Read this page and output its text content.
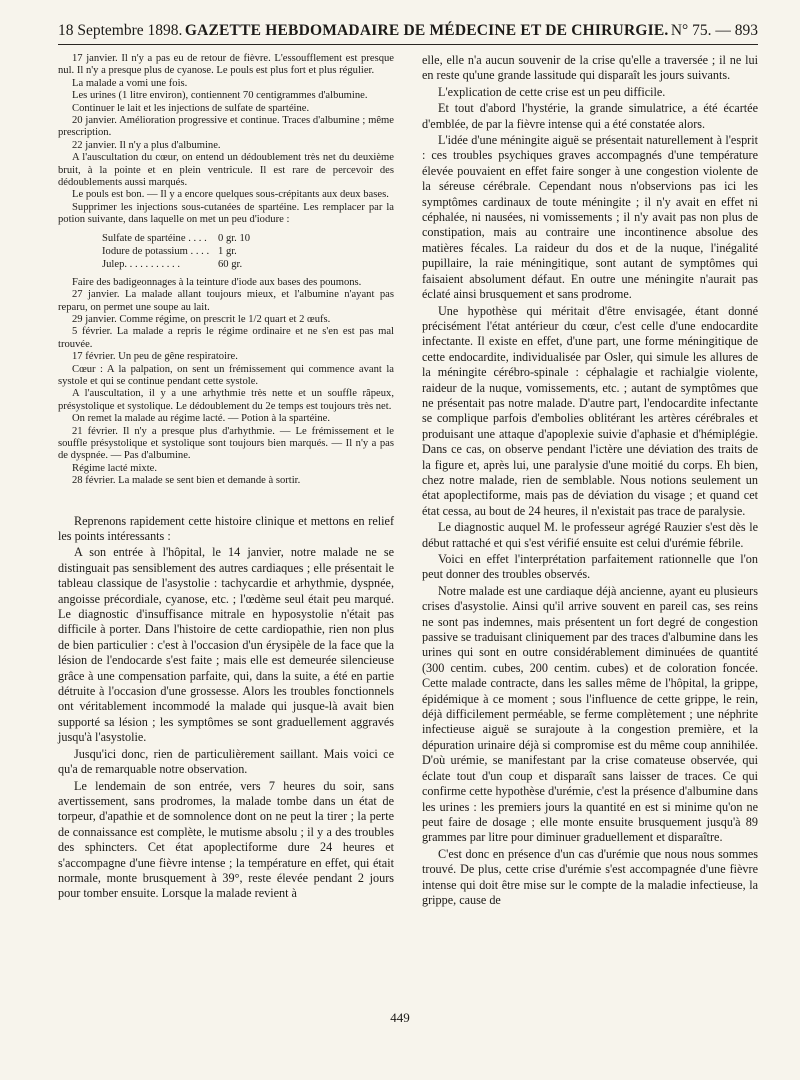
18 Septembre 1898. GAZETTE HEBDOMADAIRE DE MÉDECINE ET DE CHIRURGIE. N° 75. — 893

17 janvier. Il n'y a pas eu de retour de fièvre. L'essoufflement est presque nul. Il n'y a presque plus de cyanose. Le pouls est plus fort et plus régulier.

La malade a vomi une fois.

Les urines (1 litre environ), contiennent 70 centigrammes d'albumine.

Continuer le lait et les injections de sulfate de spartéine.

20 janvier. Amélioration progressive et continue. Traces d'albumine ; même prescription.

22 janvier. Il n'y a plus d'albumine.

A l'auscultation du cœur, on entend un dédoublement très net du deuxième bruit, à la pointe et en plein ventricule. Il est rare de percevoir des dédoublements aussi marqués.

Le pouls est bon. — Il y a encore quelques sous-crépitants aux deux bases.

Supprimer les injections sous-cutanées de spartéine. Les remplacer par la potion suivante, dans laquelle on met un peu d'iodure :

Sulfate de spartéine . . . .	0 gr. 10
Iodure de potassium . . . . 1 gr.
Julep. . . . . . . . . . .	60 gr.

Faire des badigeonnages à la teinture d'iode aux bases des poumons.

27 janvier. La malade allant toujours mieux, et l'albumine n'ayant pas reparu, on permet une soupe au lait.

29 janvier. Comme régime, on prescrit le 1/2 quart et 2 œufs.

5 février. La malade a repris le régime ordinaire et ne s'en est pas mal trouvée.

17 février. Un peu de gêne respiratoire.

Cœur : A la palpation, on sent un frémissement qui commence avant la systole et qui se continue pendant cette systole.

A l'auscultation, il y a une arhythmie très nette et un souffle râpeux, présystolique et systolique. Le dédoublement du 2e temps est toujours très net.

On remet la malade au régime lacté. — Potion à la spartéine.

21 février. Il n'y a presque plus d'arhythmie. — Le frémissement et le souffle présystolique et systolique sont toujours bien marqués. — Il n'y a pas de dyspnée. — Pas d'albumine.

Régime lacté mixte.

28 février. La malade se sent bien et demande à sortir.

Reprenons rapidement cette histoire clinique et mettons en relief les points intéressants :

A son entrée à l'hôpital, le 14 janvier, notre malade ne se distinguait pas sensiblement des autres cardiaques ; elle présentait le tableau classique de l'asystolie : tachycardie et arhythmie, dyspnée, angoisse précordiale, cyanose, etc. ; l'œdème seul était peu marqué. Le diagnostic d'insuffisance mitrale en hyposystolie n'était pas difficile à porter. Dans l'histoire de cette cardiopathie, rien non plus de bien particulier : c'est à l'occasion d'un érysipèle de la face que la lésion de l'endocarde s'est faite ; mais elle est demeurée silencieuse grâce à une compensation parfaite, qui, dans la suite, a été en partie détruite à l'occasion d'une grossesse. Alors les troubles fonctionnels ont véritablement incommodé la malade qui jusque-là avait bien supporté sa lésion ; les symptômes se sont graduellement aggravés jusqu'à l'asystolie.

Jusqu'ici donc, rien de particulièrement saillant. Mais voici ce qu'a de remarquable notre observation.

Le lendemain de son entrée, vers 7 heures du soir, sans avertissement, sans prodromes, la malade tombe dans un état de torpeur, d'apathie et de somnolence dont on ne peut la tirer ; la perte de connaissance est complète, le mutisme absolu ; il y a des troubles des sphincters. Cet état apoplectiforme dure 24 heures et s'accompagne d'une fièvre intense ; la température en effet, qui était normale, monte brusquement à 39°, reste élevée pendant 2 jours pour tomber ensuite. Lorsque la malade revient à

elle, elle n'a aucun souvenir de la crise qu'elle a traversée ; il ne lui en reste qu'une grande lassitude qui disparaît les jours suivants.

L'explication de cette crise est un peu difficile.

Et tout d'abord l'hystérie, la grande simulatrice, a été écartée d'emblée, de par la fièvre intense qui a été constatée alors.

L'idée d'une méningite aiguë se présentait naturellement à l'esprit : ces troubles psychiques graves accompagnés d'une température élevée pouvaient en effet faire songer à une congestion violente de la séreuse cérébrale. Cependant nous n'observions pas ici les symptômes cardinaux de toute méningite ; il n'y avait en effet ni céphalée, ni nausées, ni vomissements ; il n'y avait pas non plus de constipation, mais au contraire une incontinence absolue des matières fécales. La raideur du dos et de la nuque, l'inégalité pupillaire, la raie méningitique, sont autant de symptômes qui faisaient absolument défaut. En outre une méningite n'aurait pas éclaté ainsi brusquement et sans prodrome.

Une hypothèse qui méritait d'être envisagée, étant donné précisément l'état antérieur du cœur, c'est celle d'une endocardite infectante. Il existe en effet, d'une part, une forme méningitique de cette endocardite, individualisée par Osler, qui simule les allures de la méningite cérébro-spinale : céphalagie et rachialgie violente, raideur de la nuque, vomissements, etc. ; autant de symptômes que ne présentait pas notre malade. D'autre part, l'endocardite infectante se complique parfois d'embolies oblitérant les artères cérébrales et produisant une attaque d'apoplexie suivie d'aphasie et d'hémiplégie. Dans ce cas, on observe pendant l'ictère une déviation des traits de la figure et, après lui, une paralysie d'une moitié du corps. Eh bien, chez notre malade, rien de semblable. Nous notions seulement un état apoplectiforme, mais pas de déviation du visage ; et quand cet état cessa, au bout de 24 heures, il n'existait pas trace de paralysie.

Le diagnostic auquel M. le professeur agrégé Rauzier s'est dès le début rattaché et qui s'est vérifié ensuite est celui d'urémie fébrile.

Voici en effet l'interprétation parfaitement rationnelle que l'on peut donner des troubles observés.

Notre malade est une cardiaque déjà ancienne, ayant eu plusieurs crises d'asystolie. Ainsi qu'il arrive souvent en pareil cas, ses reins ne sont pas indemnes, mais présentent un fort degré de congestion passive se traduisant cliniquement par des traces d'albumine dans les urines qui sont en outre considérablement diminuées de quantité (300 centim. cubes, 200 centim. cubes) et de coloration foncée. Cette malade contracte, dans les salles même de l'hôpital, la grippe, épidémique à ce moment ; sous l'influence de cette grippe, le rein, déjà difficilement perméable, se ferme complètement ; une néphrite infectieuse aiguë se surajoute à la congestion première, et la dépuration urinaire déjà si compromise est du même coup annihilée. D'où urémie, se manifestant par la crise comateuse observée, qui éclate tout d'un coup et disparaît sans laisser de traces. Ce qui confirme cette hypothèse d'urémie, c'est la présence d'albumine dans les urines : les premiers jours la quantité en est si minime qu'on ne peut faire de dosage ; elle monte ensuite brusquement jusqu'à 89 grammes par litre pour diminuer graduellement et disparaître.

C'est donc en présence d'un cas d'urémie que nous nous sommes trouvé. De plus, cette crise d'urémie s'est accompagnée d'une fièvre intense qui doit être mise sur le compte de la maladie infectieuse, la grippe, cause de

449
